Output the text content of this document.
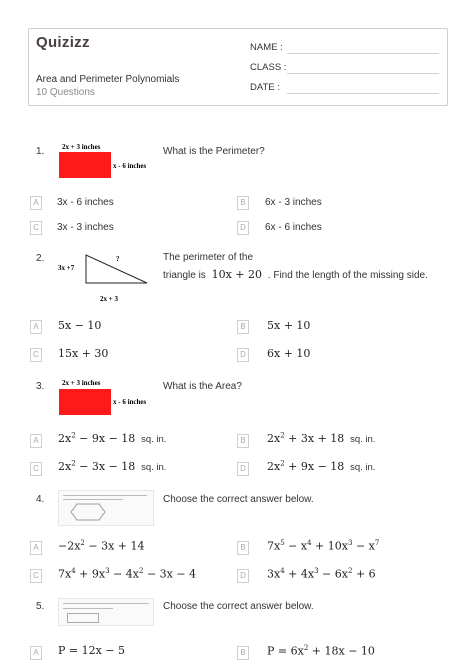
Quizizz
Area and Perimeter Polynomials
10 Questions
NAME :
CLASS :
DATE :
1.	2x + 3 inches
x - 6 inches
What is the Perimeter?
A	3x - 6 inches	B	6x - 3 inches
C	3x - 3 inches	D	6x - 6 inches
2.
3x +7
?
2x + 3
The perimeter of the
triangle is 10x + 20 . Find the length of the missing side.
A	5x − 10	B	5x + 10
C 15x + 30	D 6x + 10
3.	2x + 3 inches
x - 6 inches
What is the Area?
A	$2x^2 - 9x - 18$ sq. in.	B	$2x^2 + 3x + 18$ sq. in.
C $2x^2 - 3x - 18$ sq. in.	D $2x^2 + 9x - 18$ sq. in.
4.	Choose the correct answer below.
A	$-2x^2 - 3x + 14$	B	$7x^5 - x^4 + 10x^3 - x^7$
C $7x^4 + 9x^3 - 4x^2 - 3x - 4$	D $3x^4 + 4x^3 - 6x^2 + 6$
5.	Choose the correct answer below.
A	P = 12x − 5	B	$P = 6x^2 + 18x - 10$
